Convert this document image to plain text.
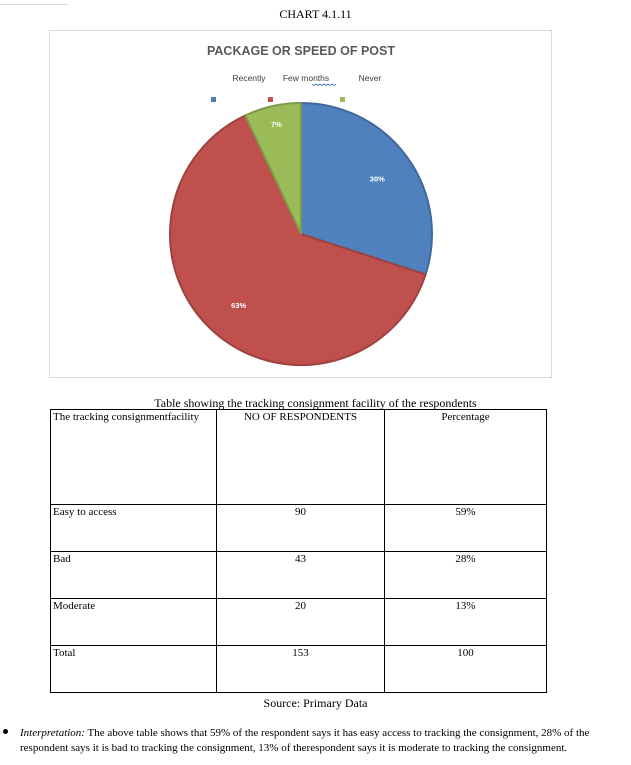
CHART 4.1.11
PACKAGE OR SPEED OF POST
Recently Few months	Never
30%
63%
7%
Table showing the tracking consignment facility of the respondents
The tracking consignmentfacility	NO OF RESPONDENTS	Percentage
Easy to access	90	59%
Bad	43	28%
Moderate	20	13%
Total	153	100
Source: Primary Data
Interpretation: The above table shows that 59% of the respondent says it has easy access to tracking the consignment, 28% of the respondent says it is bad to tracking the consignment, 13% of therespondent says it is moderate to tracking the consignment.
